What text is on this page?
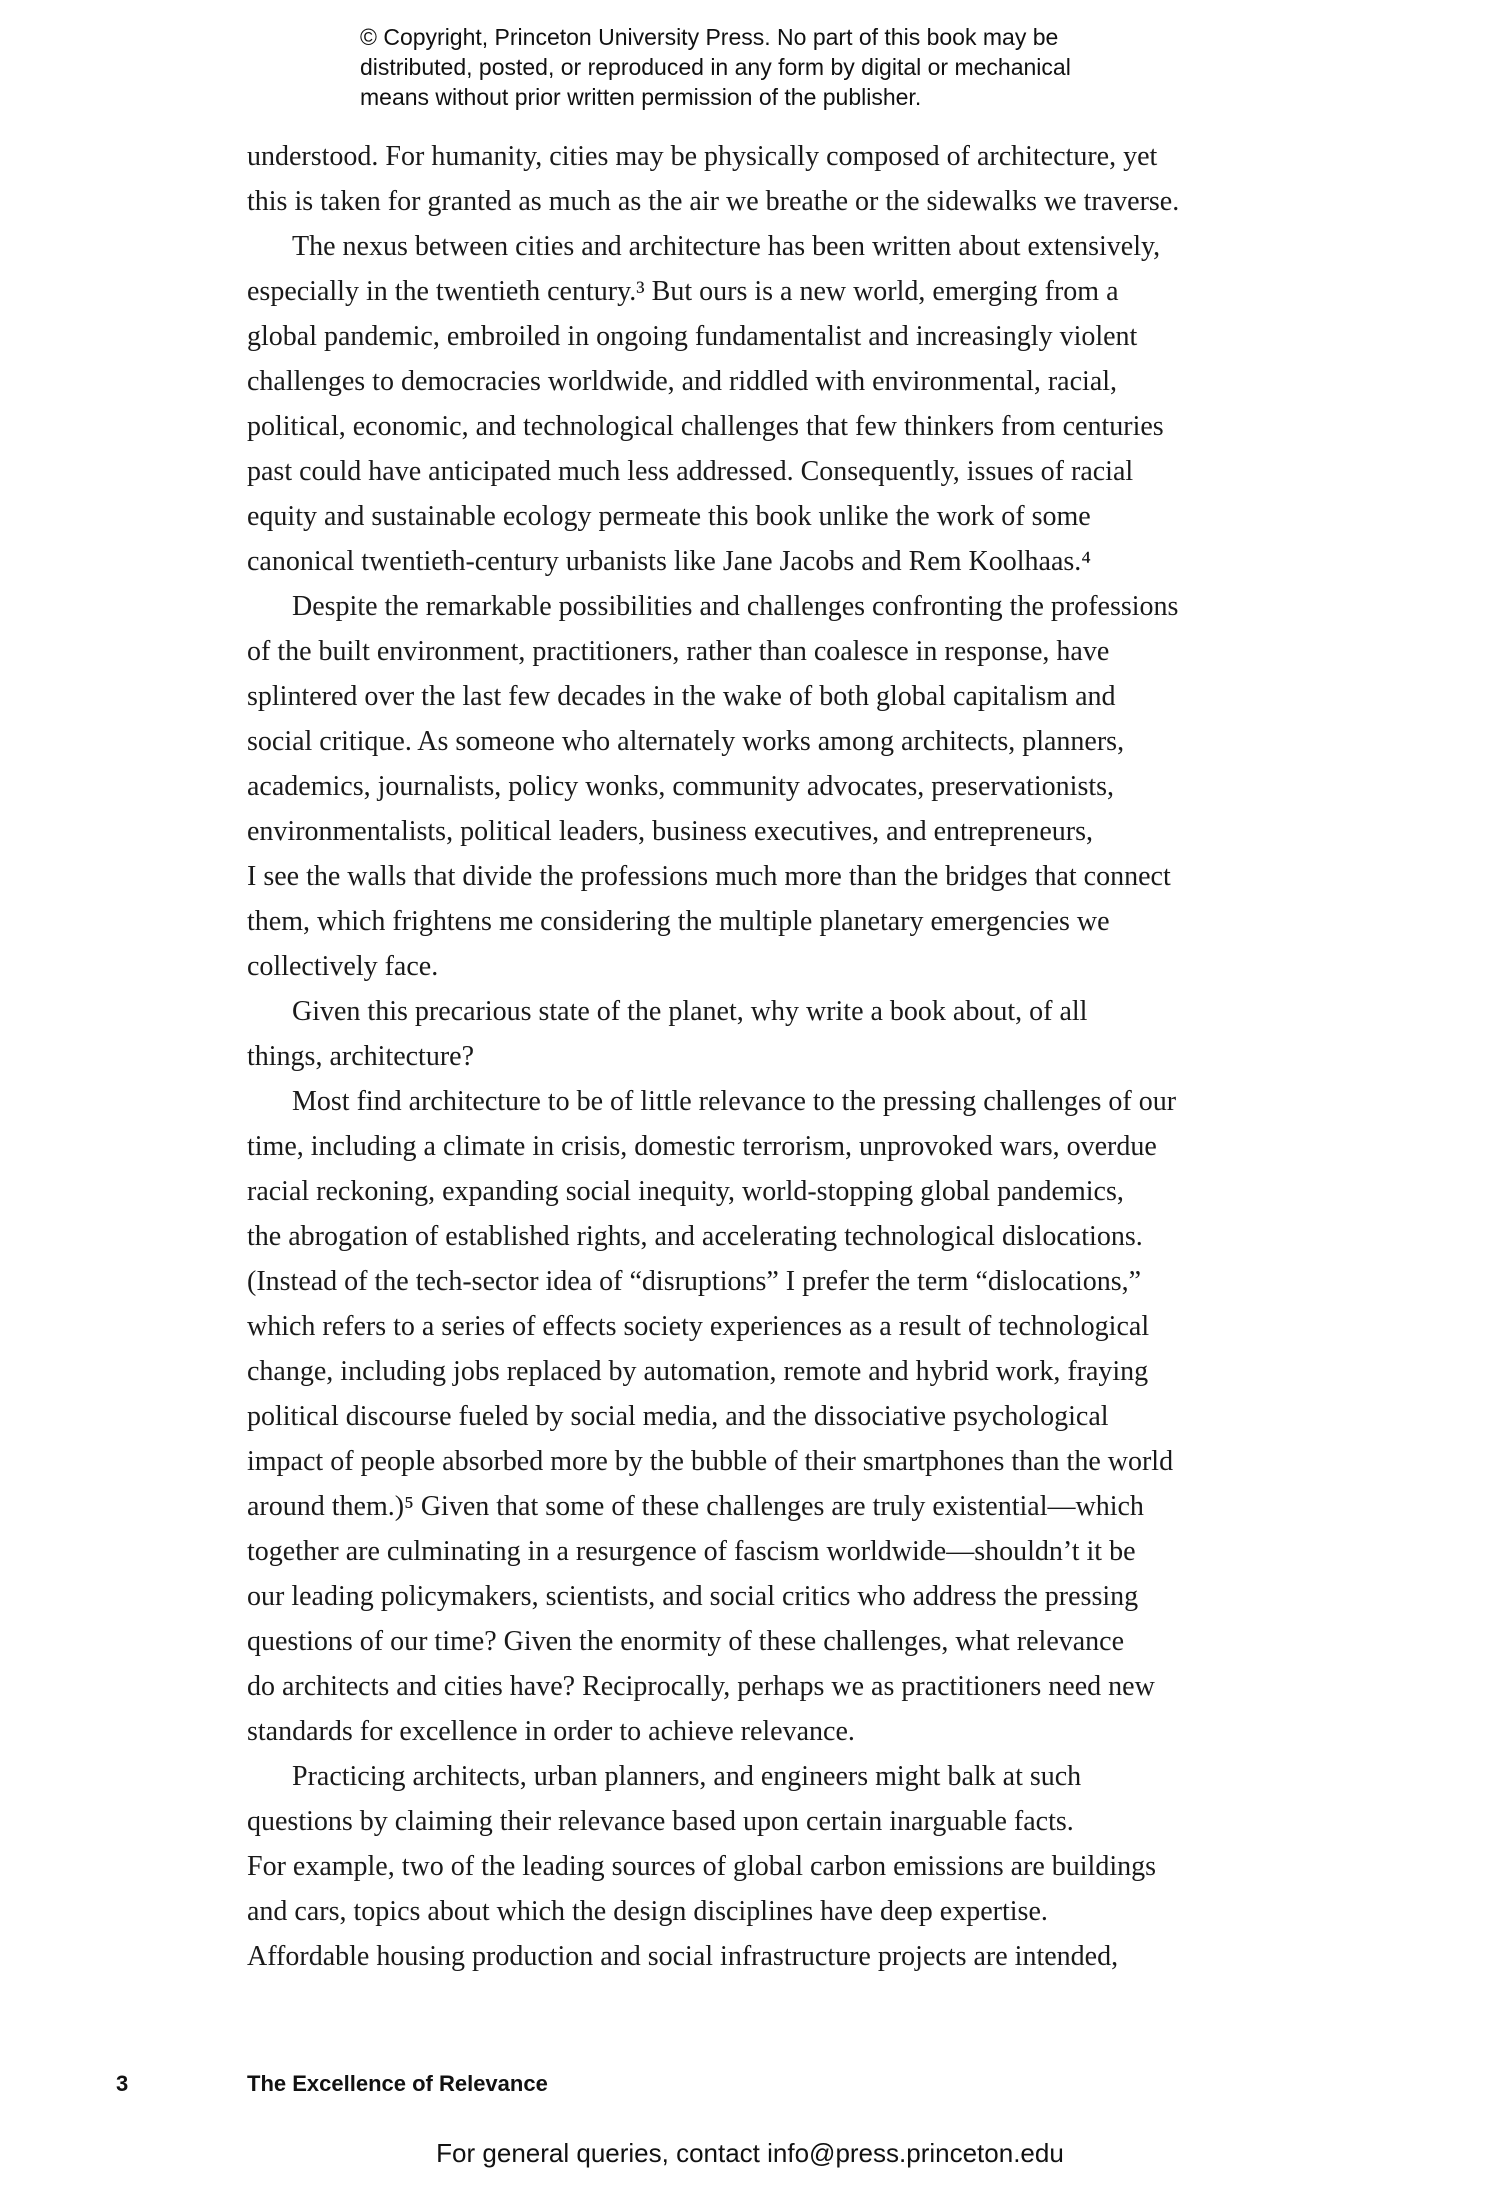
© Copyright, Princeton University Press. No part of this book may be
distributed, posted, or reproduced in any form by digital or mechanical
means without prior written permission of the publisher.
understood. For humanity, cities may be physically composed of architecture, yet
this is taken for granted as much as the air we breathe or the sidewalks we traverse.
The nexus between cities and architecture has been written about extensively,
especially in the twentieth century.³ But ours is a new world, emerging from a
global pandemic, embroiled in ongoing fundamentalist and increasingly violent
challenges to democracies worldwide, and riddled with environmental, racial,
political, economic, and technological challenges that few thinkers from centuries
past could have anticipated much less addressed. Consequently, issues of racial
equity and sustainable ecology permeate this book unlike the work of some
canonical twentieth-century urbanists like Jane Jacobs and Rem Koolhaas.⁴
Despite the remarkable possibilities and challenges confronting the professions
of the built environment, practitioners, rather than coalesce in response, have
splintered over the last few decades in the wake of both global capitalism and
social critique. As someone who alternately works among architects, planners,
academics, journalists, policy wonks, community advocates, preservationists,
environmentalists, political leaders, business executives, and entrepreneurs,
I see the walls that divide the professions much more than the bridges that connect
them, which frightens me considering the multiple planetary emergencies we
collectively face.
Given this precarious state of the planet, why write a book about, of all
things, architecture?
Most find architecture to be of little relevance to the pressing challenges of our
time, including a climate in crisis, domestic terrorism, unprovoked wars, overdue
racial reckoning, expanding social inequity, world-stopping global pandemics,
the abrogation of established rights, and accelerating technological dislocations.
(Instead of the tech-sector idea of “disruptions” I prefer the term “dislocations,”
which refers to a series of effects society experiences as a result of technological
change, including jobs replaced by automation, remote and hybrid work, fraying
political discourse fueled by social media, and the dissociative psychological
impact of people absorbed more by the bubble of their smartphones than the world
around them.)⁵ Given that some of these challenges are truly existential—which
together are culminating in a resurgence of fascism worldwide—shouldn’t it be
our leading policymakers, scientists, and social critics who address the pressing
questions of our time? Given the enormity of these challenges, what relevance
do architects and cities have? Reciprocally, perhaps we as practitioners need new
standards for excellence in order to achieve relevance.
Practicing architects, urban planners, and engineers might balk at such
questions by claiming their relevance based upon certain inarguable facts.
For example, two of the leading sources of global carbon emissions are buildings
and cars, topics about which the design disciplines have deep expertise.
Affordable housing production and social infrastructure projects are intended,
3	The Excellence of Relevance
For general queries, contact info@press.princeton.edu
